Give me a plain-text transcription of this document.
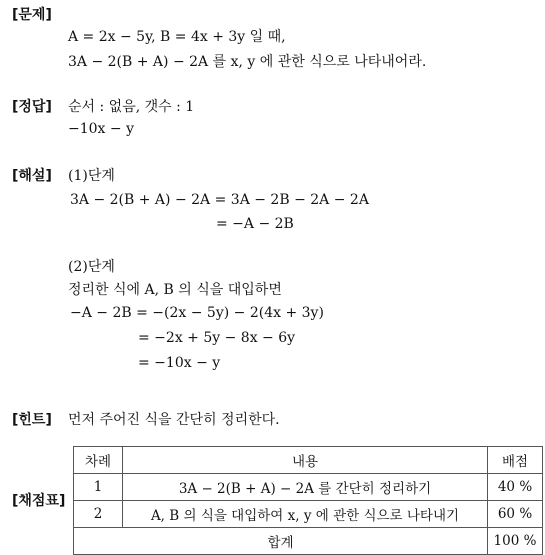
[문제]
A = 2x − 5y, B = 4x + 3y 일 때,
3A − 2(B + A) − 2A 를 x, y 에 관한 식으로 나타내어라.
[정답] 순서 : 없음, 갯수 : 1
−10x − y
[해설] (1)단계
3A − 2(B + A) − 2A = 3A − 2B − 2A − 2A
= −A − 2B
(2)단계
정리한 식에 A, B 의 식을 대입하면
−A − 2B = −(2x − 5y) − 2(4x + 3y)
= −2x + 5y − 8x − 6y
= −10x − y
[힌트] 먼저 주어진 식을 간단히 정리한다.
[채점표]
차례	내용	배점
1	3A − 2(B + A) − 2A 를 간단히 정리하기	40 %
2	A, B 의 식을 대입하여 x, y 에 관한 식으로 나타내기	60 %
합계		100 %
